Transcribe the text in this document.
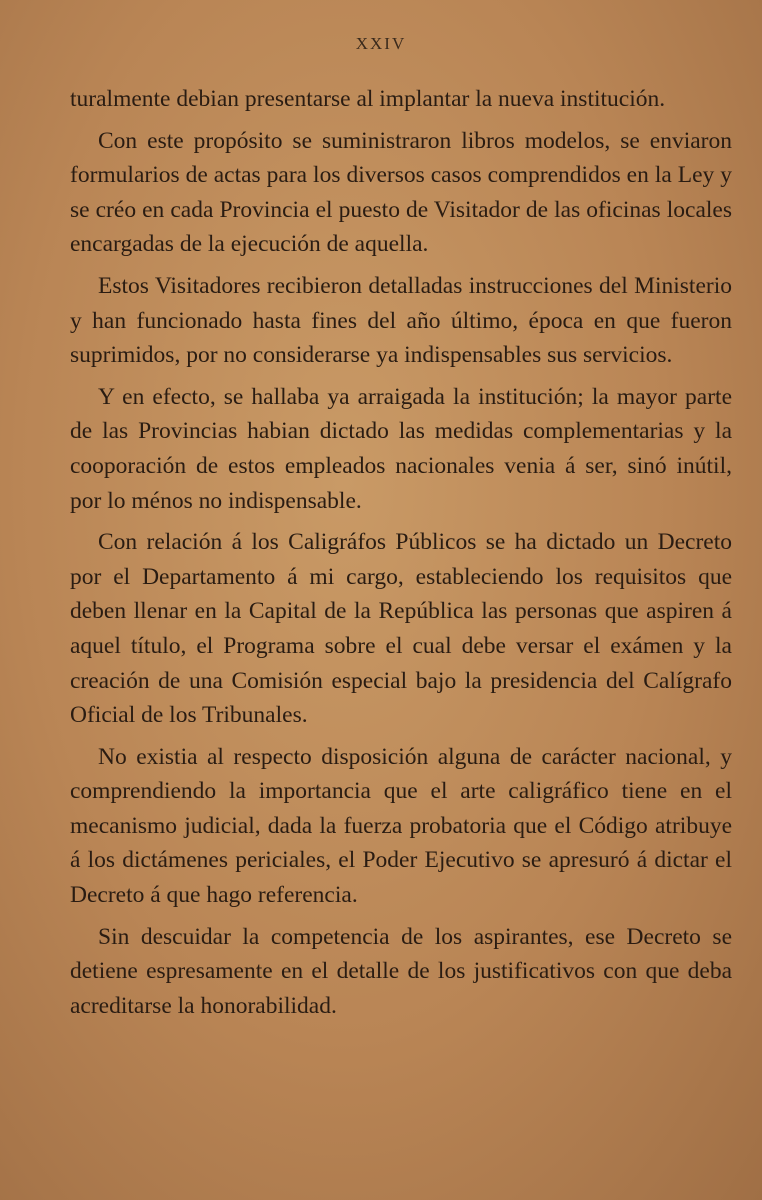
XXIV

turalmente debian presentarse al implantar la nueva institución.

Con este propósito se suministraron libros modelos, se enviaron formularios de actas para los diversos casos comprendidos en la Ley y se créo en cada Provincia el puesto de Visitador de las oficinas locales encargadas de la ejecución de aquella.

Estos Visitadores recibieron detalladas instrucciones del Ministerio y han funcionado hasta fines del año último, época en que fueron suprimidos, por no considerarse ya indispensables sus servicios.

Y en efecto, se hallaba ya arraigada la institución; la mayor parte de las Provincias habian dictado las medidas complementarias y la cooporación de estos empleados nacionales venia á ser, sinó inútil, por lo ménos no indispensable.

Con relación á los Caligráfos Públicos se ha dictado un Decreto por el Departamento á mi cargo, estableciendo los requisitos que deben llenar en la Capital de la República las personas que aspiren á aquel título, el Programa sobre el cual debe versar el exámen y la creación de una Comisión especial bajo la presidencia del Calígrafo Oficial de los Tribunales.

No existia al respecto disposición alguna de carácter nacional, y comprendiendo la importancia que el arte caligráfico tiene en el mecanismo judicial, dada la fuerza probatoria que el Código atribuye á los dictámenes periciales, el Poder Ejecutivo se apresuró á dictar el Decreto á que hago referencia.

Sin descuidar la competencia de los aspirantes, ese Decreto se detiene espresamente en el detalle de los justificativos con que deba acreditarse la honorabilidad.
